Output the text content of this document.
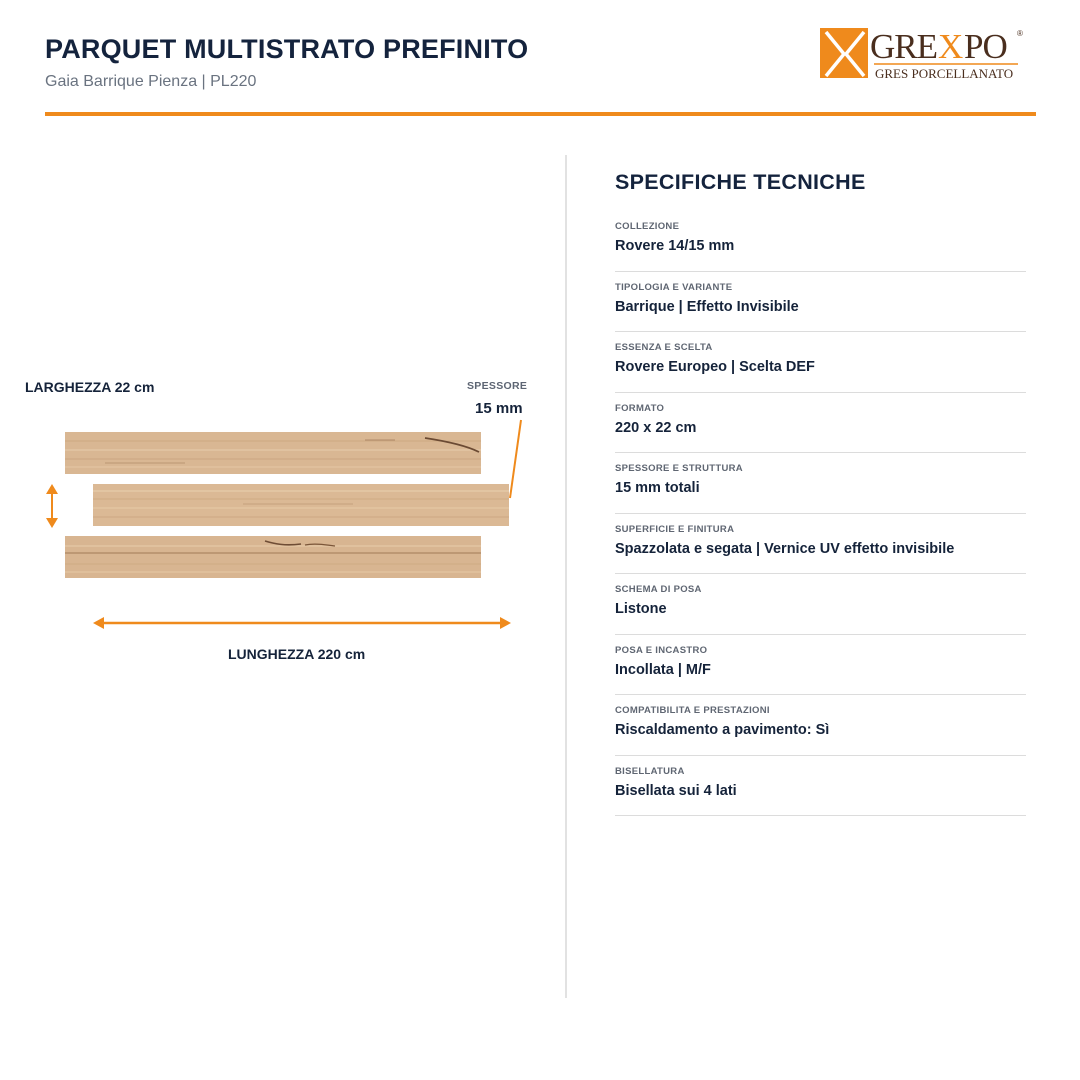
PARQUET MULTISTRATO PREFINITO
Gaia Barrique Pienza | PL220
GRE X PO ®
GRES PORCELLANATO
LARGHEZZA 22 cm	SPESSORE
15 mm
LUNGHEZZA 220 cm
SPECIFICHE TECNICHE
COLLEZIONE
Rovere 14/15 mm
TIPOLOGIA E VARIANTE
Barrique | Effetto Invisibile
ESSENZA E SCELTA
Rovere Europeo | Scelta DEF
FORMATO
220 x 22 cm
SPESSORE E STRUTTURA
15 mm totali
SUPERFICIE E FINITURA
Spazzolata e segata | Vernice UV effetto invisibile
SCHEMA DI POSA
Listone
POSA E INCASTRO
Incollata | M/F
COMPATIBILITA E PRESTAZIONI
Riscaldamento a pavimento: Sì
BISELLATURA
Bisellata sui 4 lati
